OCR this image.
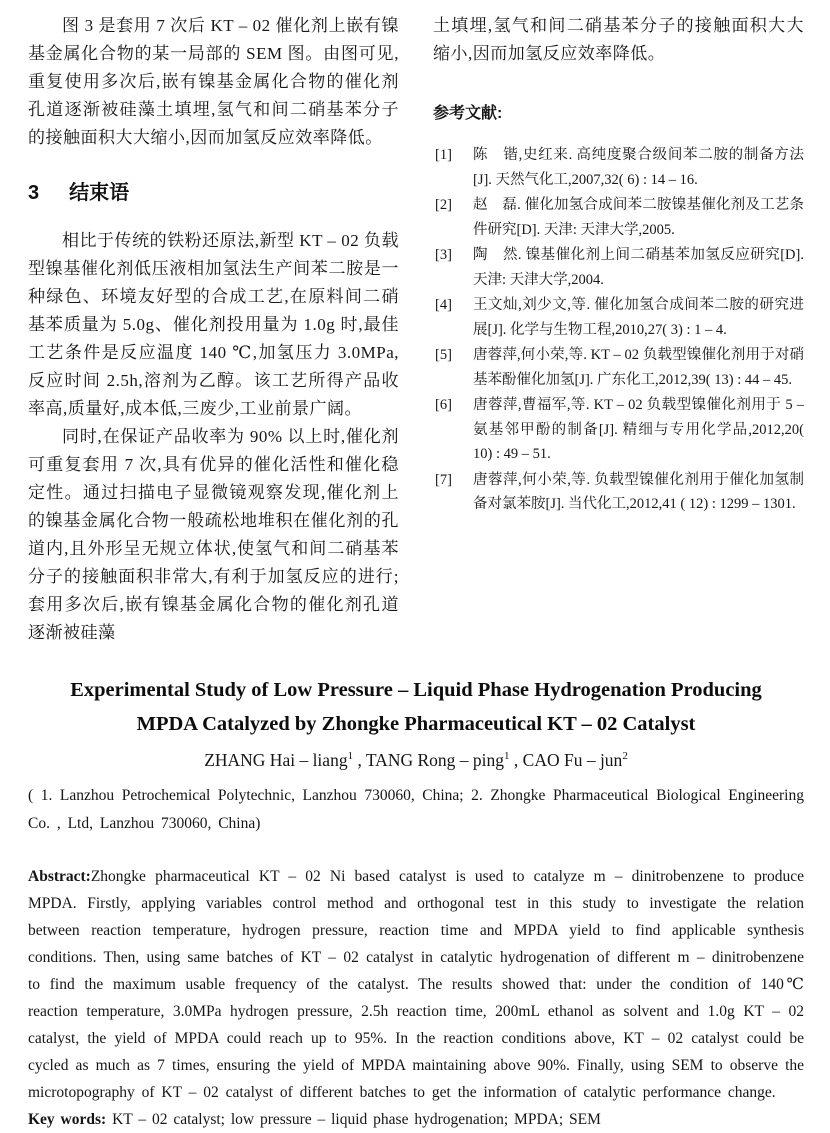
图 3 是套用 7 次后 KT – 02 催化剂上嵌有镍基金属化合物的某一局部的 SEM 图。由图可见,重复使用多次后,嵌有镍基金属化合物的催化剂孔道逐渐被硅藻土填埋,氢气和间二硝基苯分子的接触面积大大缩小,因而加氢反应效率降低。

3 结束语

相比于传统的铁粉还原法,新型 KT – 02 负载型镍基催化剂低压液相加氢法生产间苯二胺是一种绿色、环境友好型的合成工艺,在原料间二硝基苯质量为 5.0g、催化剂投用量为 1.0g 时,最佳工艺条件是反应温度 140 ℃,加氢压力 3.0MPa,反应时间 2.5h,溶剂为乙醇。该工艺所得产品收率高,质量好,成本低,三废少,工业前景广阔。

同时,在保证产品收率为 90% 以上时,催化剂可重复套用 7 次,具有优异的催化活性和催化稳定性。通过扫描电子显微镜观察发现,催化剂上的镍基金属化合物一般疏松地堆积在催化剂的孔道内,且外形呈无规立体状,使氢气和间二硝基苯分子的接触面积非常大,有利于加氢反应的进行;套用多次后,嵌有镍基金属化合物的催化剂孔道逐渐被硅藻

土填埋,氢气和间二硝基苯分子的接触面积大大缩小,因而加氢反应效率降低。

参考文献:
[1] 陈　锴,史红来. 高纯度聚合级间苯二胺的制备方法[J]. 天然气化工,2007,32( 6) : 14 – 16.
[2] 赵　磊. 催化加氢合成间苯二胺镍基催化剂及工艺条件研究[D]. 天津: 天津大学,2005.
[3] 陶　然. 镍基催化剂上间二硝基苯加氢反应研究[D]. 天津: 天津大学,2004.
[4] 王文灿,刘少文,等. 催化加氢合成间苯二胺的研究进展[J]. 化学与生物工程,2010,27( 3) : 1 – 4.
[5] 唐蓉萍,何小荣,等. KT – 02 负载型镍催化剂用于对硝基苯酚催化加氢[J]. 广东化工,2012,39( 13) : 44 – 45.
[6] 唐蓉萍,曹福军,等. KT – 02 负载型镍催化剂用于 5 – 氨基邻甲酚的制备[J]. 精细与专用化学品,2012,20( 10) : 49 – 51.
[7] 唐蓉萍,何小荣,等. 负载型镍催化剂用于催化加氢制备对氯苯胺[J]. 当代化工,2012,41 ( 12) : 1299 – 1301.
Experimental Study of Low Pressure – Liquid Phase Hydrogenation Producing
MPDA Catalyzed by Zhongke Pharmaceutical KT – 02 Catalyst

ZHANG Hai – liang$^1$ , TANG Rong – ping$^1$ , CAO Fu – jun$^2$

( 1. Lanzhou Petrochemical Polytechnic, Lanzhou 730060, China; 2. Zhongke Pharmaceutical Biological Engineering Co. , Ltd, Lanzhou 730060, China)

Abstract:Zhongke pharmaceutical KT – 02 Ni based catalyst is used to catalyze m – dinitrobenzene to produce MPDA. Firstly, applying variables control method and orthogonal test in this study to investigate the relation between reaction temperature, hydrogen pressure, reaction time and MPDA yield to find applicable synthesis conditions. Then, using same batches of KT – 02 catalyst in catalytic hydrogenation of different m – dinitrobenzene to find the maximum usable frequency of the catalyst. The results showed that: under the condition of 140℃ reaction temperature, 3.0MPa hydrogen pressure, 2.5h reaction time, 200mL ethanol as solvent and 1.0g KT – 02 catalyst, the yield of MPDA could reach up to 95%. In the reaction conditions above, KT – 02 catalyst could be cycled as much as 7 times, ensuring the yield of MPDA maintaining above 90%. Finally, using SEM to observe the microtopography of KT – 02 catalyst of different batches to get the information of catalytic performance change.

Key words: KT – 02 catalyst; low pressure – liquid phase hydrogenation; MPDA; SEM
